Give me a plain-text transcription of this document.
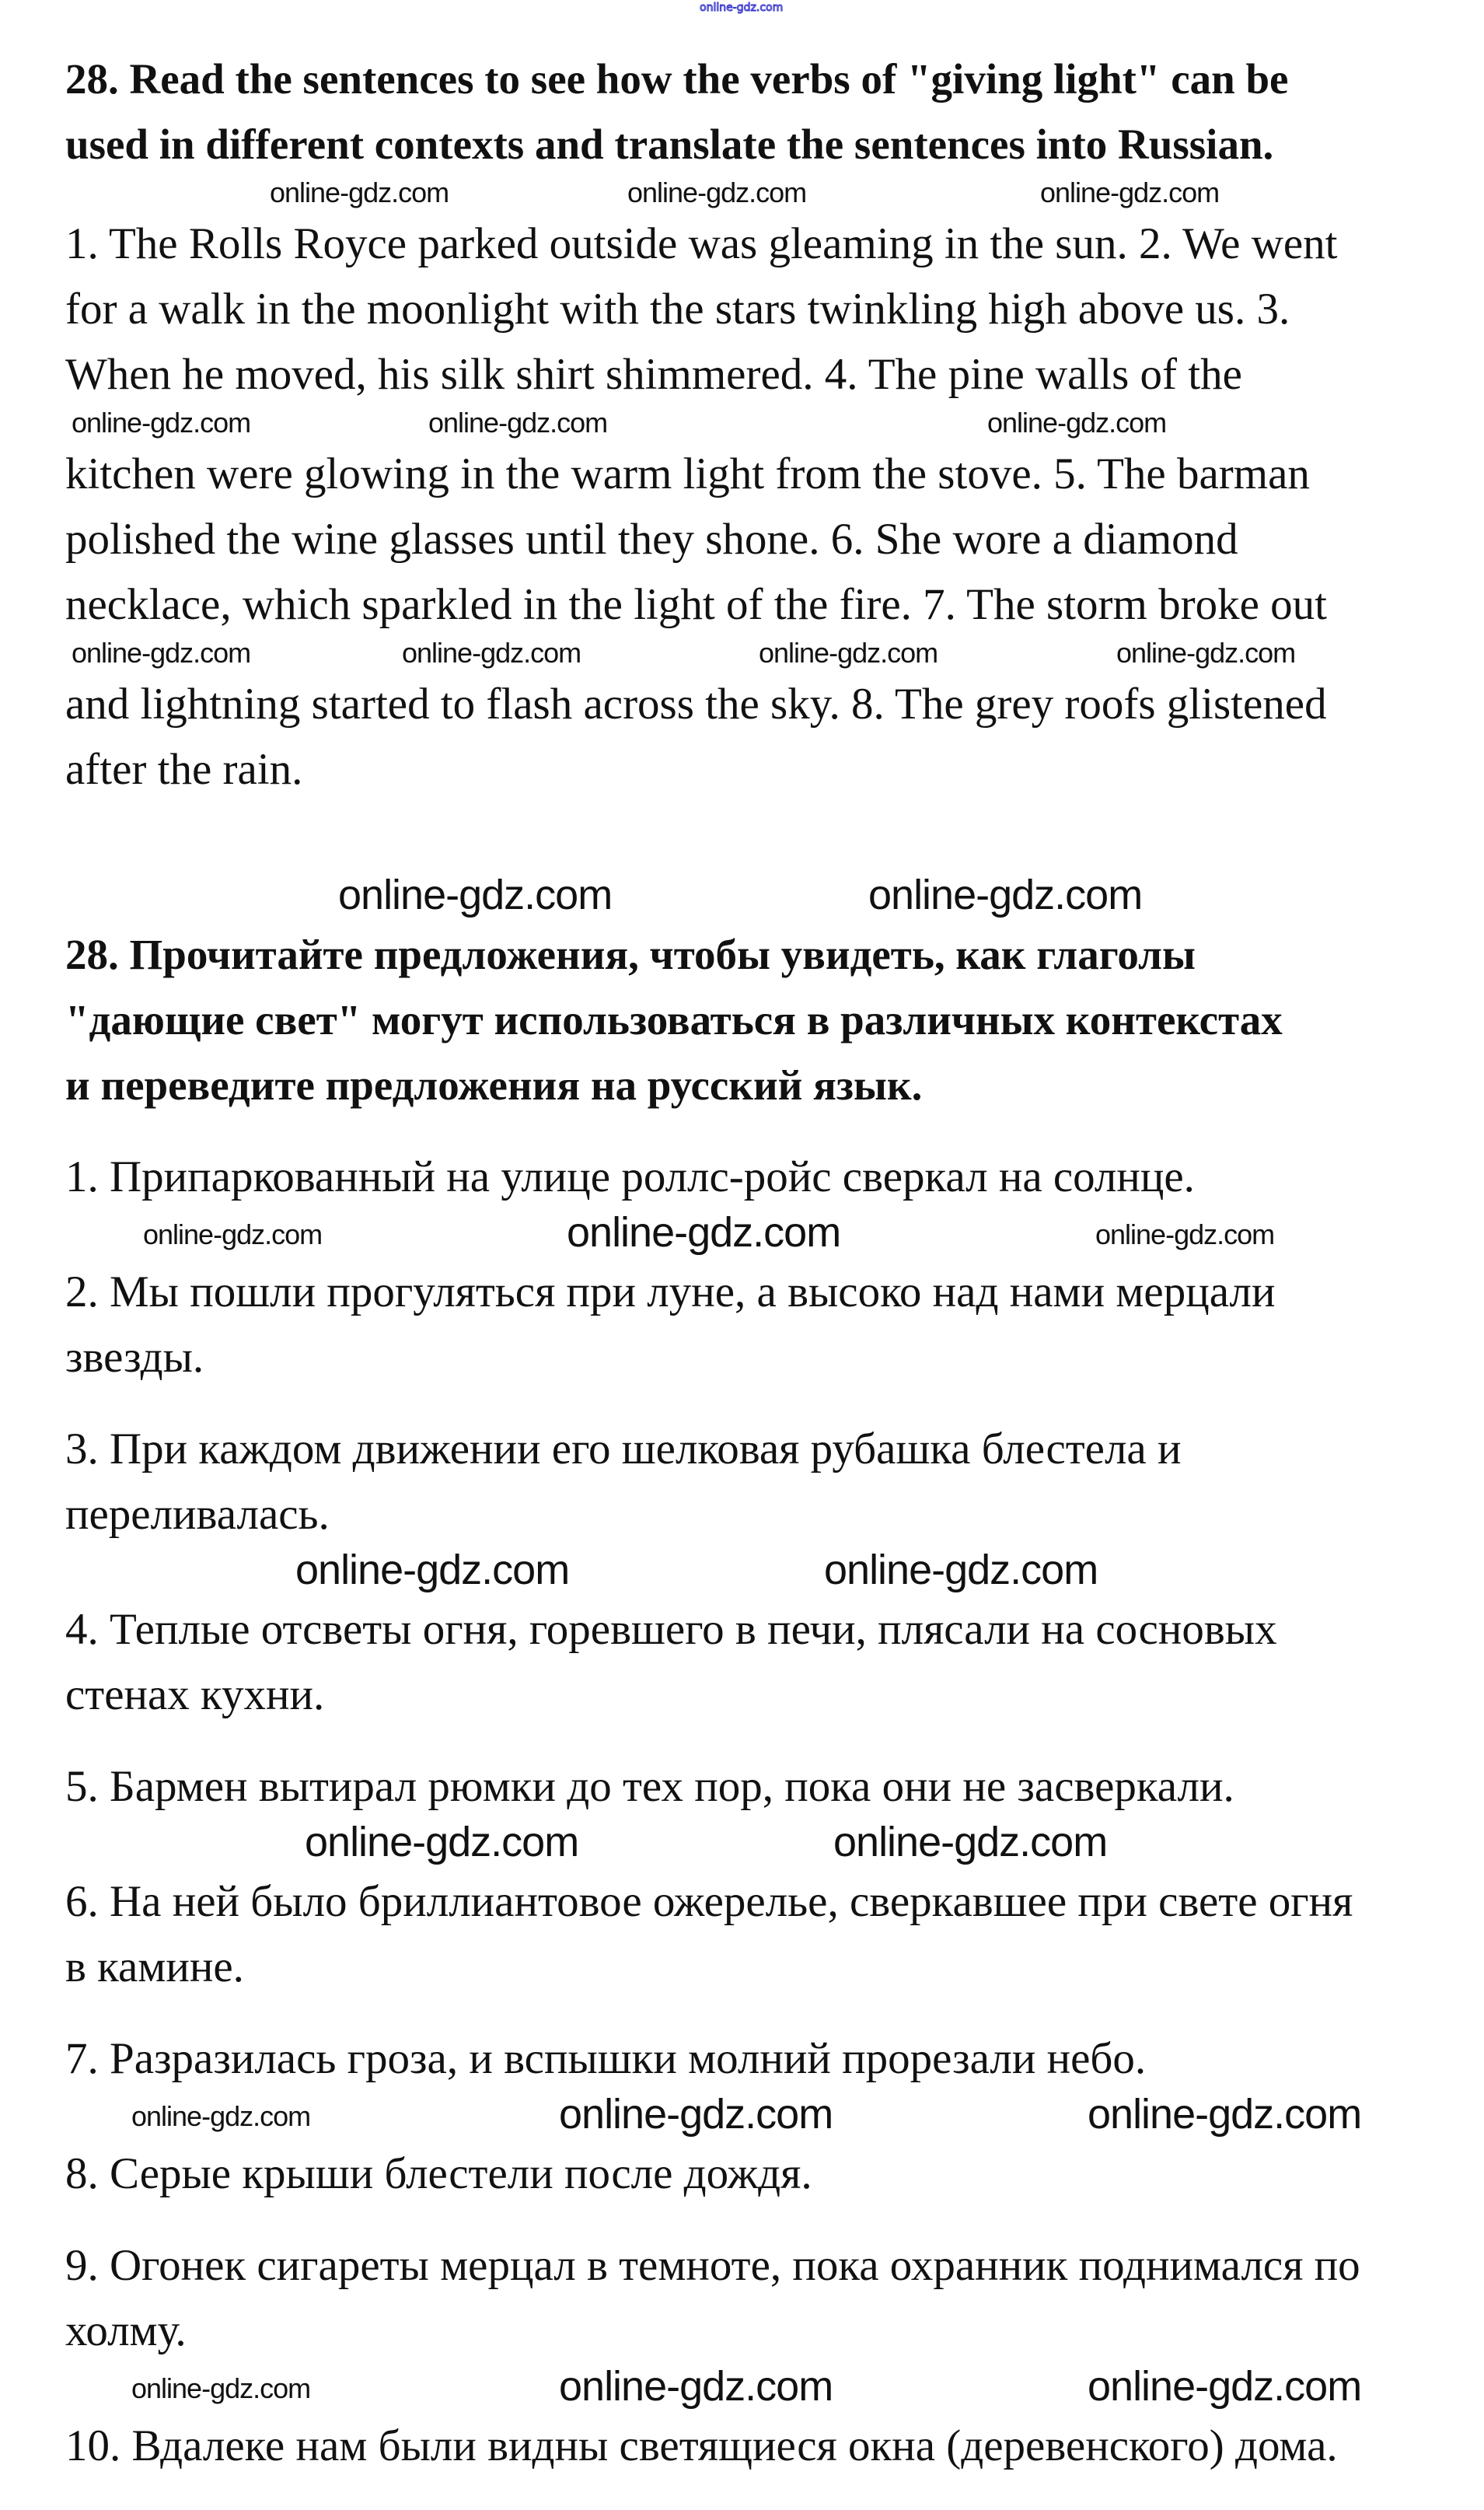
online-gdz.com
28. Read the sentences to see how the verbs of "giving light" can be
used in different contexts and translate the sentences into Russian.
online-gdz.com	online-gdz.com	online-gdz.com
1. The Rolls Royce parked outside was gleaming in the sun. 2. We went
for a walk in the moonlight with the stars twinkling high above us. 3.
When he moved, his silk shirt shimmered. 4. The pine walls of the
online-gdz.com	online-gdz.com	online-gdz.com
kitchen were glowing in the warm light from the stove. 5. The barman
polished the wine glasses until they shone. 6. She wore a diamond
necklace, which sparkled in the light of the fire. 7. The storm broke out
online-gdz.com	online-gdz.com	online-gdz.com	online-gdz.com
and lightning started to flash across the sky. 8. The grey roofs glistened
after the rain.
online-gdz.com	online-gdz.com
28. Прочитайте предложения, чтобы увидеть, как глаголы
"дающие свет" могут использоваться в различных контекстах
и переведите предложения на русский язык.
1. Припаркованный на улице роллс-ройс сверкал на солнце.
online-gdz.com	online-gdz.com	online-gdz.com
2. Мы пошли прогуляться при луне, а высоко над нами мерцали
звезды.
3. При каждом движении его шелковая рубашка блестела и
переливалась.
online-gdz.com	online-gdz.com
4. Теплые отсветы огня, горевшего в печи, плясали на сосновых
стенах кухни.
5. Бармен вытирал рюмки до тех пор, пока они не засверкали.
online-gdz.com	online-gdz.com
6. На ней было бриллиантовое ожерелье, сверкавшее при свете огня
в камине.
7. Разразилась гроза, и вспышки молний прорезали небо.
online-gdz.com	online-gdz.com	online-gdz.com
8. Серые крыши блестели после дождя.
9. Огонек сигареты мерцал в темноте, пока охранник поднимался по
холму.
online-gdz.com	online-gdz.com	online-gdz.com
10. Вдалеке нам были видны светящиеся окна (деревенского) дома.
